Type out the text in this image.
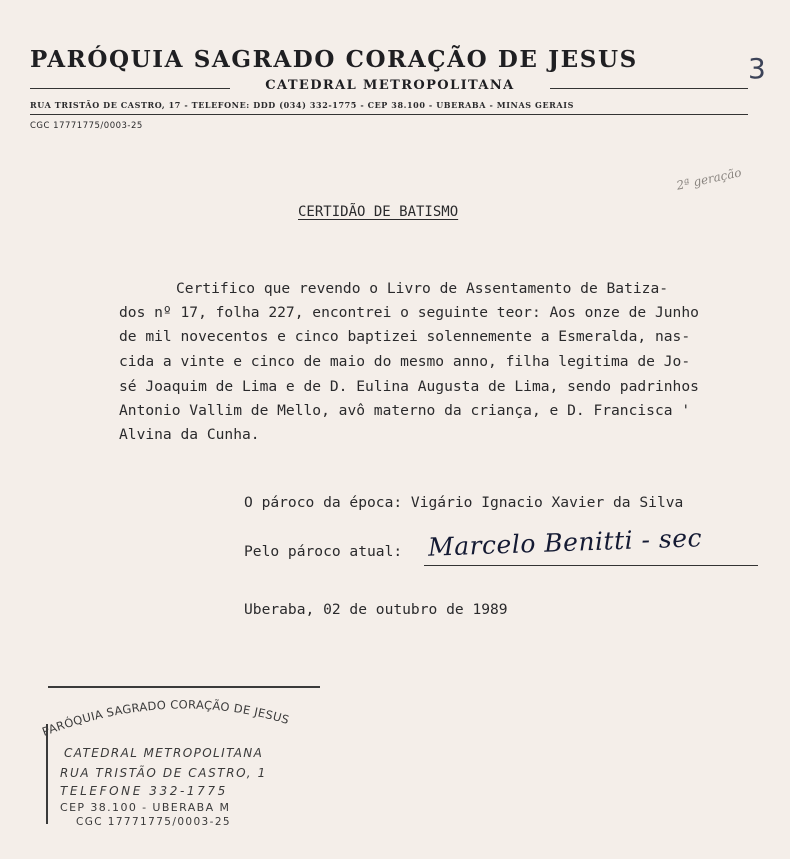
PARÓQUIA SAGRADO CORAÇÃO DE JESUS
CATEDRAL METROPOLITANA
RUA TRISTÃO DE CASTRO, 17 - TELEFONE: DDD (034) 332-1775 - CEP 38.100 - UBERABA - MINAS GERAIS
CGC 17771775/0003-25
3
2ª geração
CERTIDÃO DE BATISMO
Certifico que revendo o Livro de Assentamento de Batiza-
dos nº 17, folha 227, encontrei o seguinte teor: Aos onze de Junho
de mil novecentos e cinco baptizei solennemente a Esmeralda, nas-
cida a vinte e cinco de maio do mesmo anno, filha legitima de Jo-
sé Joaquim de Lima e de D. Eulina Augusta de Lima, sendo padrinhos
Antonio Vallim de Mello, avô materno da criança, e D. Francisca '
Alvina da Cunha.
O pároco da época: Vigário Ignacio Xavier da Silva
Pelo pároco atual: Marcelo Benitti - sec
Uberaba, 02 de outubro de 1989
PARÓQUIA SAGRADO CORAÇÃO DE JESUS
CATEDRAL METROPOLITANA
RUA TRISTÃO DE CASTRO, 1
TELEFONE 332-1775
CEP 38.100 - UBERABA M
CGC 17771775/0003-25
